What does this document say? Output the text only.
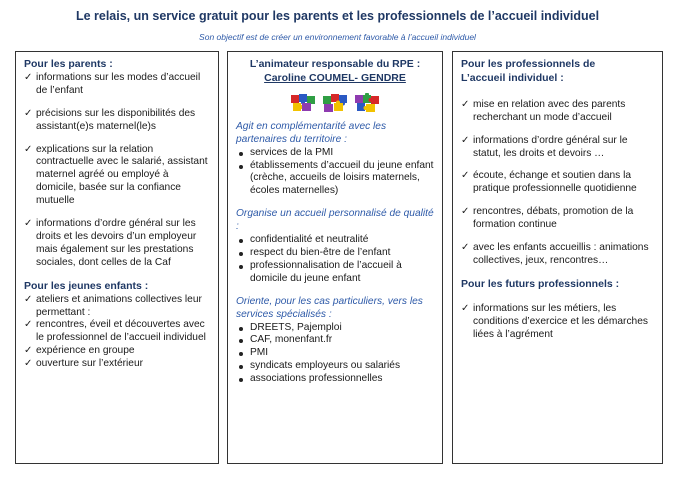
Le relais, un service gratuit pour les parents et les professionnels de l’accueil individuel
Son objectif est de créer un environnement favorable à l’accueil individuel
Pour les parents :
✓ informations sur les modes d’accueil de l’enfant
✓ précisions sur les disponibilités des assistant(e)s maternel(le)s
✓ explications sur la relation contractuelle avec le salarié, assistant maternel agréé ou employé à domicile, basée sur la confiance mutuelle
✓ informations d’ordre général sur les droits et les devoirs d’un employeur mais également sur les prestations sociales, dont celles de la Caf
Pour les jeunes enfants :
✓ ateliers et animations collectives leur permettant :
✓ rencontres, éveil et découvertes avec le professionnel de l’accueil individuel
✓ expérience en groupe
✓ ouverture sur l’extérieur
L’animateur responsable du RPE :
Caroline COUMEL- GENDRE
Agit en complémentarité avec les partenaires du territoire :
services de la PMI
établissements d’accueil du jeune enfant (crèche, accueils de loisirs maternels, écoles maternelles)
Organise un accueil personnalisé de qualité :
confidentialité et neutralité
respect du bien-être de l’enfant
professionnalisation de l’accueil à domicile du jeune enfant
Oriente, pour les cas particuliers, vers les services spécialisés :
DREETS, Pajemploi
CAF, monenfant.fr
PMI
syndicats employeurs ou salariés
associations professionnelles
Pour les professionnels de
L’accueil individuel :
✓ mise en relation avec des parents recherchant un mode d’accueil
✓ informations d’ordre général sur le statut, les droits et devoirs …
✓ écoute, échange et soutien dans la pratique professionnelle quotidienne
✓ rencontres, débats, promotion de la formation continue
✓ avec les enfants accueillis : animations collectives, jeux, rencontres…
Pour les futurs professionnels :
✓ informations sur les métiers, les conditions d’exercice et les démarches liées à l’agrément
